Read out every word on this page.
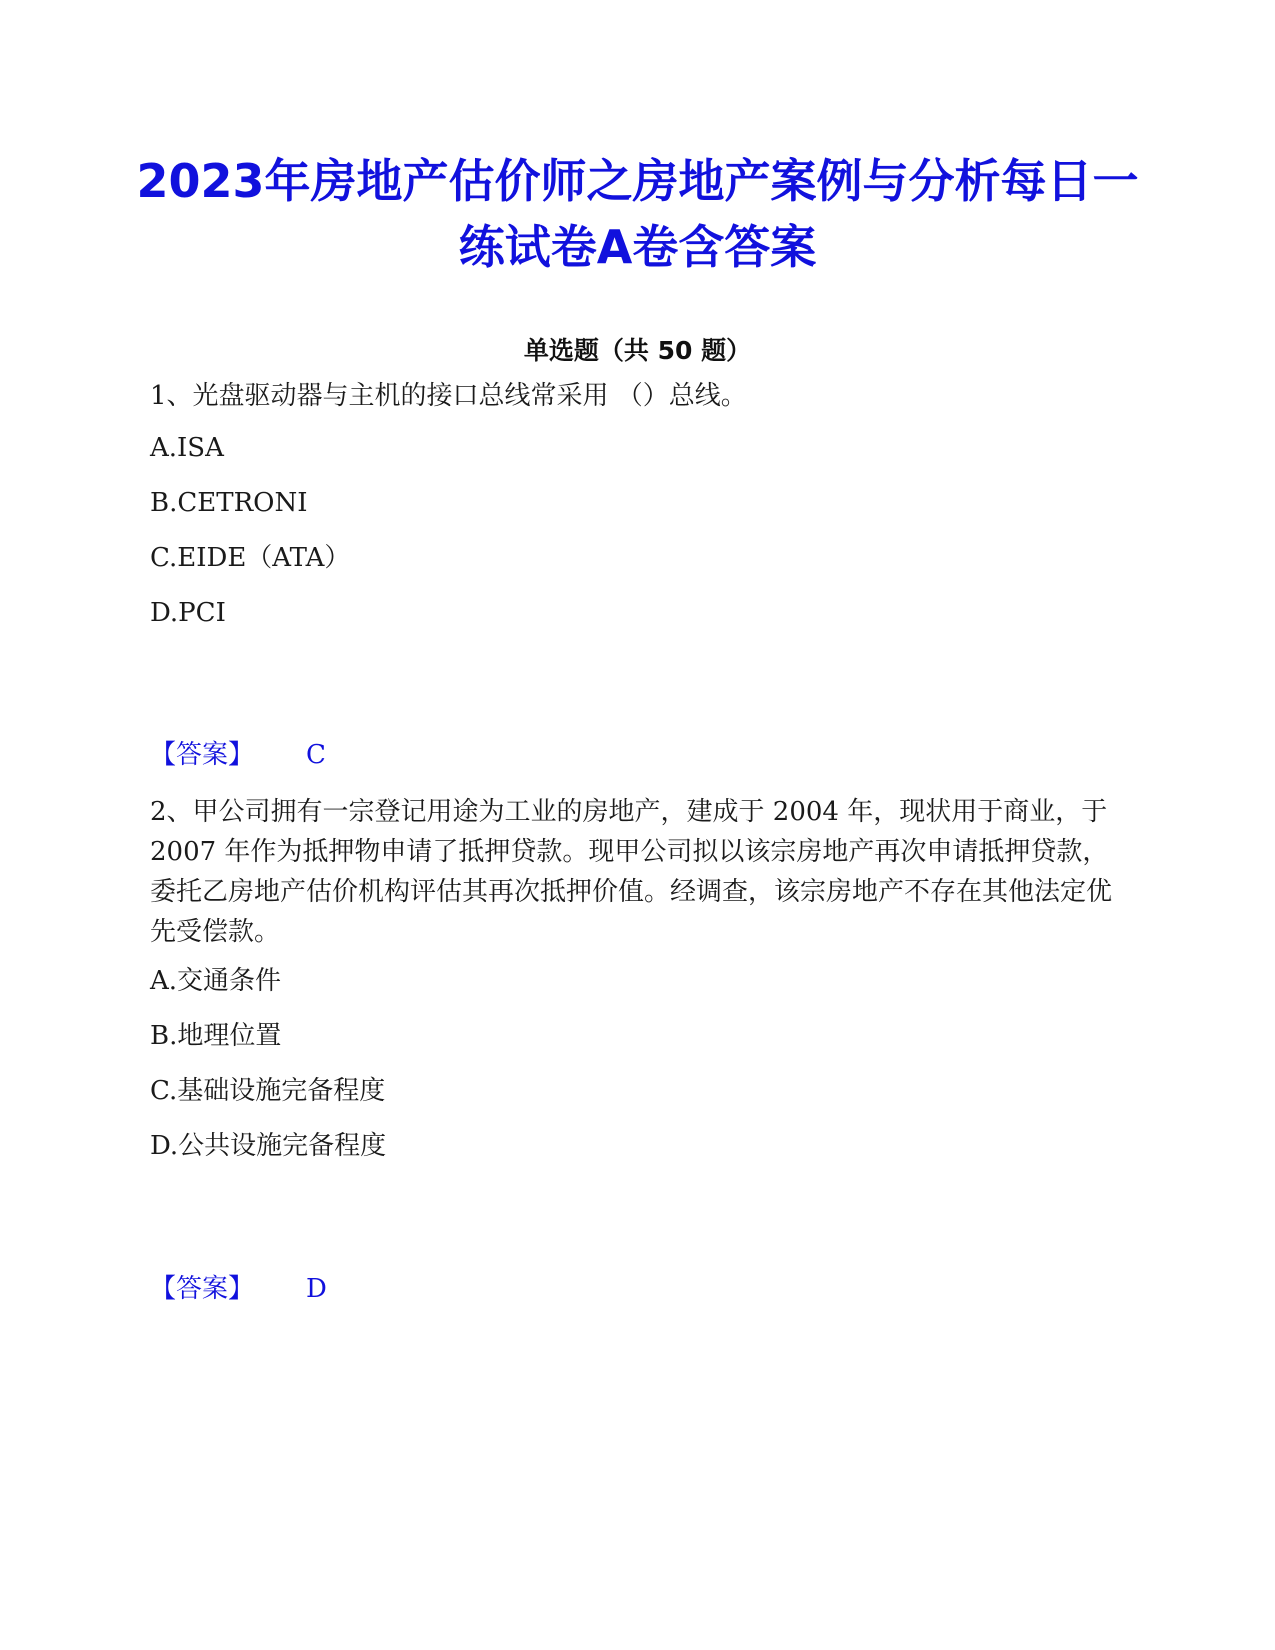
2023年房地产估价师之房地产案例与分析每日一练试卷A卷含答案
单选题（共 50 题）
1、光盘驱动器与主机的接口总线常采用 （）总线。
A.ISA
B.CETRONI
C.EIDE（ATA）
D.PCI
【答案】 C
2、甲公司拥有一宗登记用途为工业的房地产，建成于 2004 年，现状用于商业，于 2007 年作为抵押物申请了抵押贷款。现甲公司拟以该宗房地产再次申请抵押贷款，委托乙房地产估价机构评估其再次抵押价值。经调查，该宗房地产不存在其他法定优先受偿款。
A.交通条件
B.地理位置
C.基础设施完备程度
D.公共设施完备程度
【答案】 D
